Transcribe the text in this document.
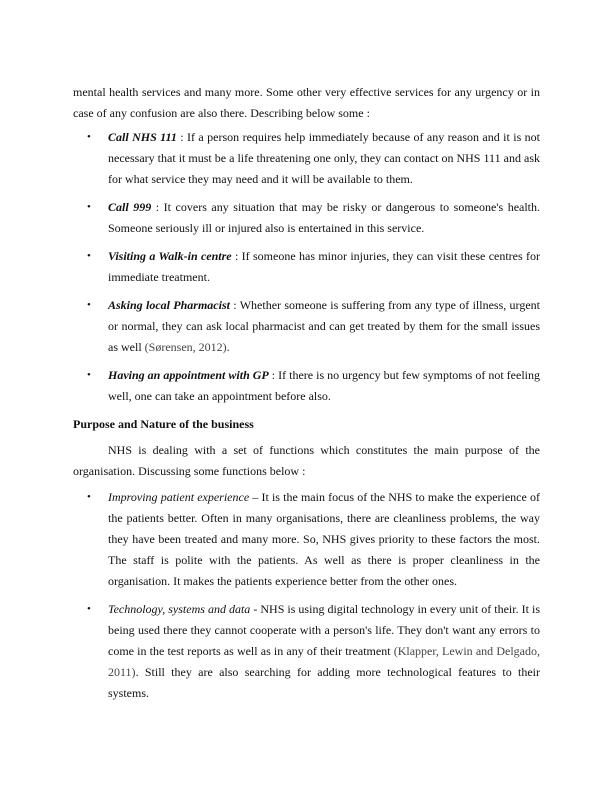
mental health services and many more. Some other very effective services for any urgency or in case of any confusion are also there. Describing below some :

• Call NHS 111 : If a person requires help immediately because of any reason and it is not necessary that it must be a life threatening one only, they can contact on NHS 111 and ask for what service they may need and it will be available to them.
• Call 999 : It covers any situation that may be risky or dangerous to someone's health. Someone seriously ill or injured also is entertained in this service.
• Visiting a Walk-in centre : If someone has minor injuries, they can visit these centres for immediate treatment.
• Asking local Pharmacist : Whether someone is suffering from any type of illness, urgent or normal, they can ask local pharmacist and can get treated by them for the small issues as well (Sørensen, 2012).
• Having an appointment with GP : If there is no urgency but few symptoms of not feeling well, one can take an appointment before also.

Purpose and Nature of the business

NHS is dealing with a set of functions which constitutes the main purpose of the organisation. Discussing some functions below :

• Improving patient experience – It is the main focus of the NHS to make the experience of the patients better. Often in many organisations, there are cleanliness problems, the way they have been treated and many more. So, NHS gives priority to these factors the most. The staff is polite with the patients. As well as there is proper cleanliness in the organisation. It makes the patients experience better from the other ones.
• Technology, systems and data - NHS is using digital technology in every unit of their. It is being used there they cannot cooperate with a person's life. They don't want any errors to come in the test reports as well as in any of their treatment (Klapper, Lewin and Delgado, 2011). Still they are also searching for adding more technological features to their systems.
